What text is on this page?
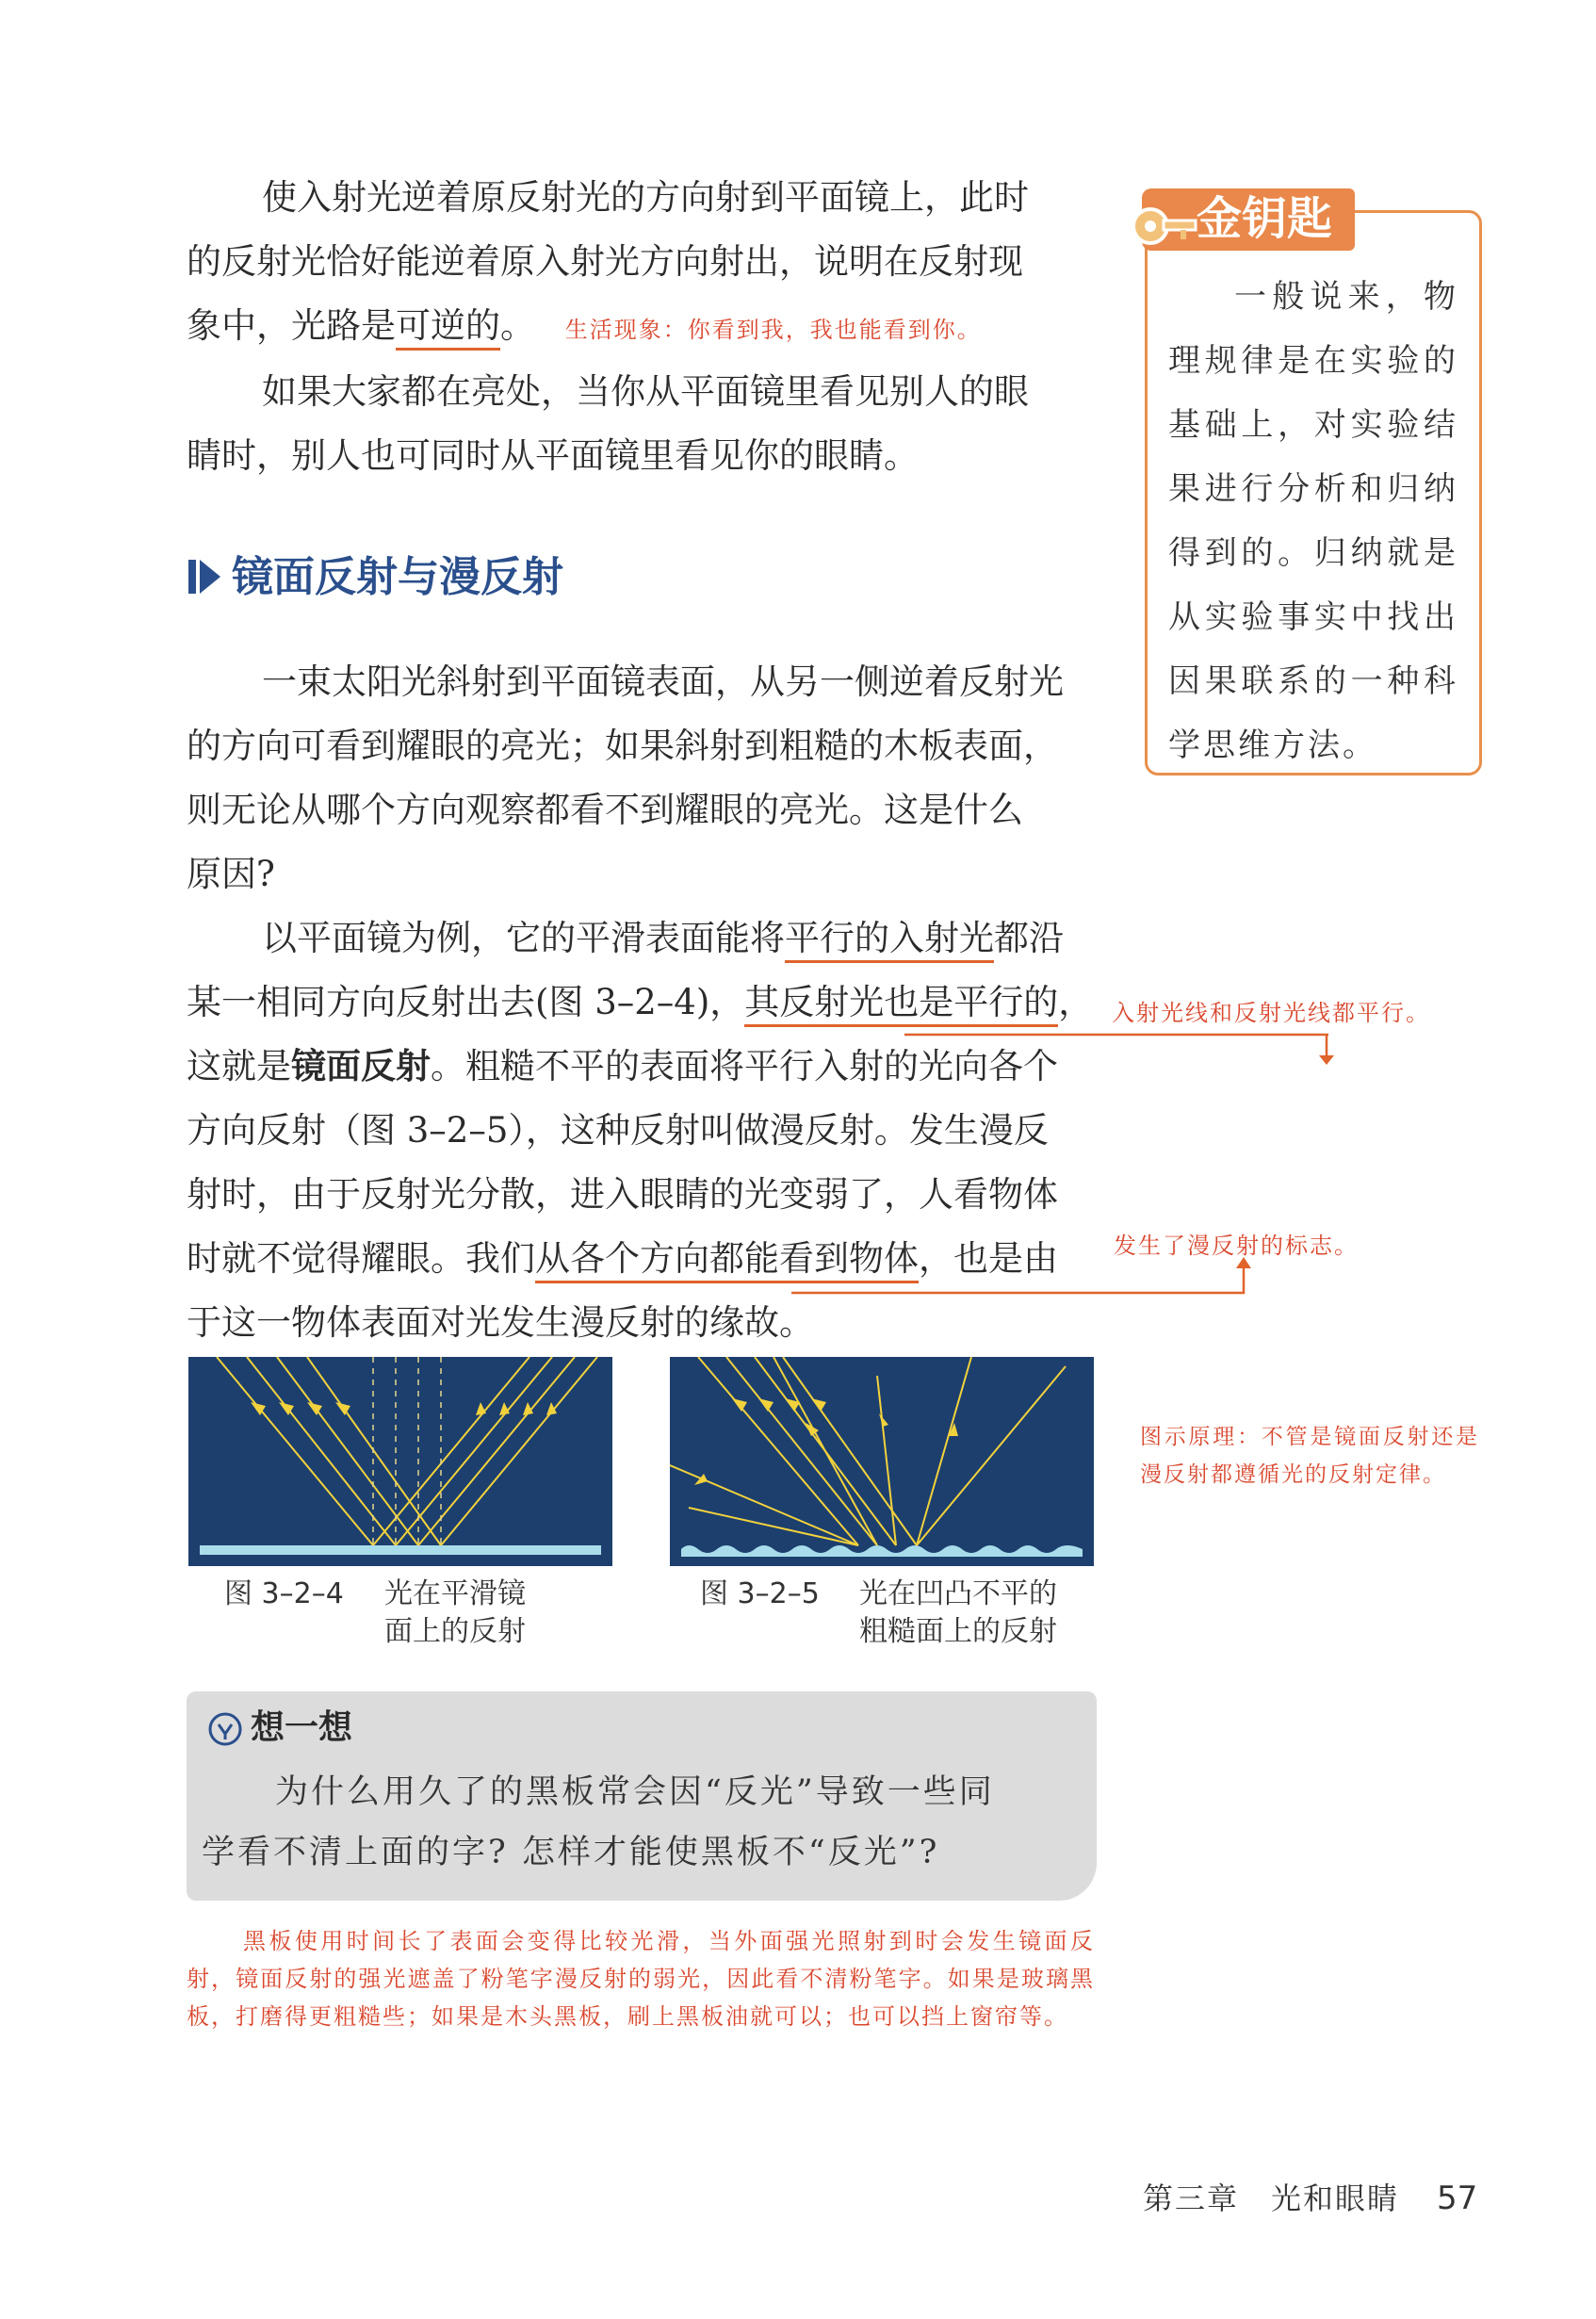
使入射光逆着原反射光的方向射到平面镜上，此时
的反射光恰好能逆着原入射光方向射出，说明在反射现
象中，光路是可逆的。 生活现象：你看到我，我也能看到你。
如果大家都在亮处，当你从平面镜里看见别人的眼
睛时，别人也可同时从平面镜里看见你的眼睛。
一般说来，物理规律是在实验的基础上，对实验结果进行分析和归纳得到的。归纳就是从实验事实中找出因果联系的一种科学思维方法。
金钥匙
镜面反射与漫反射
一束太阳光斜射到平面镜表面，从另一侧逆着反射光
的方向可看到耀眼的亮光；如果斜射到粗糙的木板表面，
则无论从哪个方向观察都看不到耀眼的亮光。这是什么
原因?
以平面镜为例，它的平滑表面能将平行的入射光都沿
某一相同方向反射出去(图 3–2–4)，其反射光也是平行的，
这就是镜面反射。粗糙不平的表面将平行入射的光向各个
方向反射（图 3–2–5），这种反射叫做漫反射。发生漫反
射时，由于反射光分散，进入眼睛的光变弱了，人看物体
时就不觉得耀眼。我们从各个方向都能看到物体，也是由
于这一物体表面对光发生漫反射的缘故。
入射光线和反射光线都平行。
发生了漫反射的标志。
图 3–2–4 光在平滑镜
面上的反射
图 3–2–5 光在凹凸不平的
粗糙面上的反射
图示原理：不管是镜面反射还是漫反射都遵循光的反射定律。
想一想
为什么用久了的黑板常会因“反光”导致一些同
学看不清上面的字? 怎样才能使黑板不“反光”?
黑板使用时间长了表面会变得比较光滑，当外面强光照射到时会发生镜面反射，镜面反射的强光遮盖了粉笔字漫反射的弱光，因此看不清粉笔字。如果是玻璃黑板，打磨得更粗糙些；如果是木头黑板，刷上黑板油就可以；也可以挡上窗帘等。
第三章　光和眼睛 57
